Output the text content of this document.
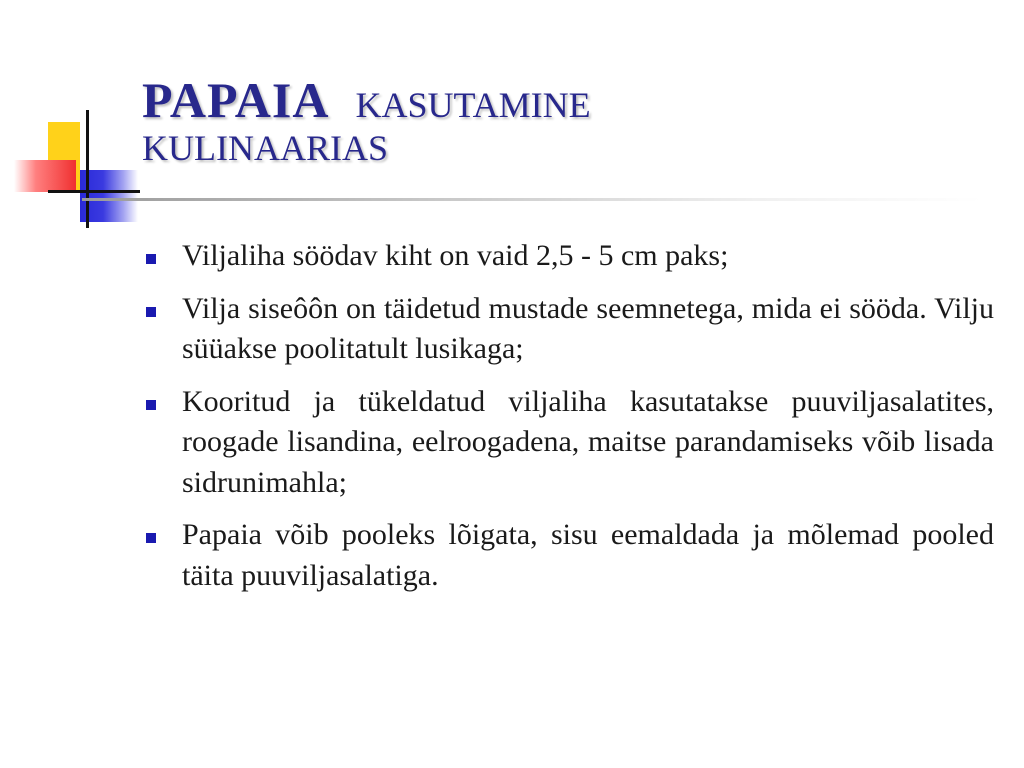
PAPAIA KASUTAMINE
KULINAARIAS
Viljaliha söödav kiht on vaid 2,5 - 5 cm paks;
Vilja siseôôn on täidetud mustade seemnetega, mida ei sööda. Vilju süüakse poolitatult lusikaga;
Kooritud ja tükeldatud viljaliha kasutatakse puuviljasalatites, roogade lisandina, eelroogadena, maitse parandamiseks võib lisada sidrunimahla;
Papaia võib pooleks lõigata, sisu eemaldada ja mõlemad pooled täita puuviljasalatiga.
